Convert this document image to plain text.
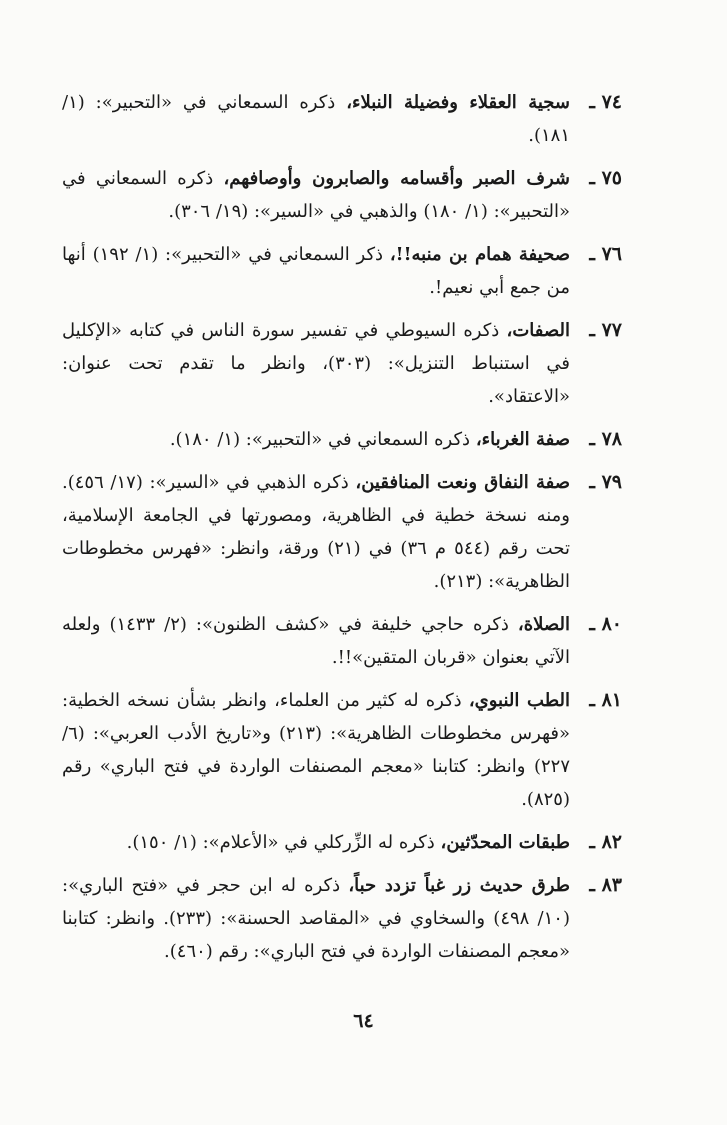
٧٤ ـ
سجية العقلاء وفضيلة النبلاء، ذكره السمعاني في «التحبير»: (١/ ١٨١).
٧٥ ـ
شرف الصبر وأقسامه والصابرون وأوصافهم، ذكره السمعاني في «التحبير»: (١/ ١٨٠) والذهبي في «السير»: (١٩/ ٣٠٦).
٧٦ ـ
صحيفة همام بن منبه!!، ذكر السمعاني في «التحبير»: (١/ ١٩٢) أنها من جمع أبي نعيم!.
٧٧ ـ
الصفات، ذكره السيوطي في تفسير سورة الناس في كتابه «الإكليل في استنباط التنزيل»: (٣٠٣)، وانظر ما تقدم تحت عنوان: «الاعتقاد».
٧٨ ـ
صفة الغرباء، ذكره السمعاني في «التحبير»: (١/ ١٨٠).
٧٩ ـ
صفة النفاق ونعت المنافقين، ذكره الذهبي في «السير»: (١٧/ ٤٥٦). ومنه نسخة خطية في الظاهرية، ومصورتها في الجامعة الإسلامية، تحت رقم (٥٤٤ م ٣٦) في (٢١) ورقة، وانظر: «فهرس مخطوطات الظاهرية»: (٢١٣).
٨٠ ـ
الصلاة، ذكره حاجي خليفة في «كشف الظنون»: (٢/ ١٤٣٣) ولعله الآتي بعنوان «قربان المتقين»!!.
٨١ ـ
الطب النبوي، ذكره له كثير من العلماء، وانظر بشأن نسخه الخطية: «فهرس مخطوطات الظاهرية»: (٢١٣) و«تاريخ الأدب العربي»: (٦/ ٢٢٧) وانظر: كتابنا «معجم المصنفات الواردة في فتح الباري» رقم (٨٢٥).
٨٢ ـ
طبقات المحدّثين، ذكره له الزِّركلي في «الأعلام»: (١/ ١٥٠).
٨٣ ـ
طرق حديث زر غباً تزدد حباً، ذكره له ابن حجر في «فتح الباري»: (١٠/ ٤٩٨) والسخاوي في «المقاصد الحسنة»: (٢٣٣). وانظر: كتابنا «معجم المصنفات الواردة في فتح الباري»: رقم (٤٦٠).
٦٤
